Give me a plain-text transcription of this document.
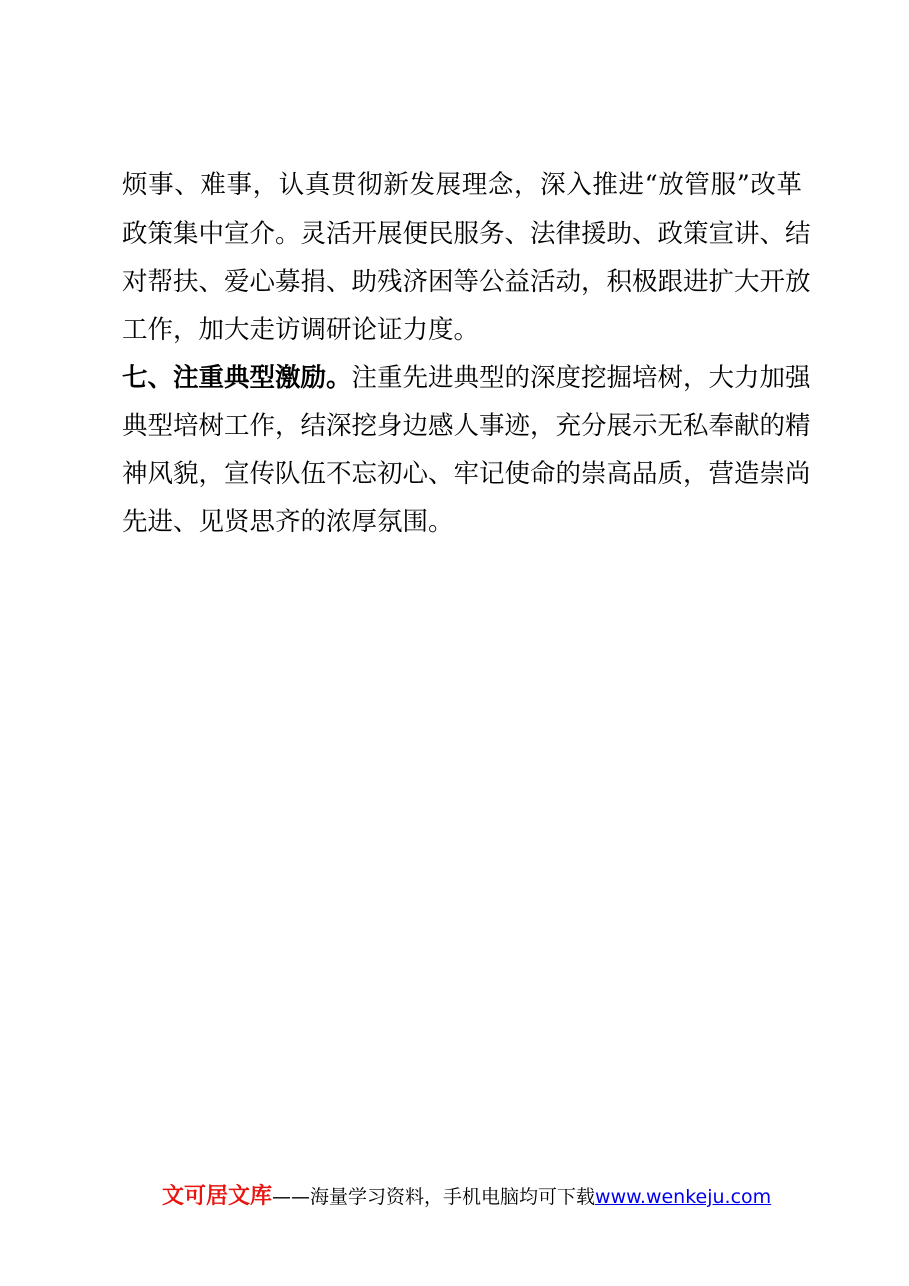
烦事、难事，认真贯彻新发展理念，深入推进“放管服”改革
政策集中宣介。灵活开展便民服务、法律援助、政策宣讲、结
对帮扶、爱心募捐、助残济困等公益活动，积极跟进扩大开放
工作，加大走访调研论证力度。
七、注重典型激励。注重先进典型的深度挖掘培树，大力加强
典型培树工作，结深挖身边感人事迹，充分展示无私奉献的精
神风貌，宣传队伍不忘初心、牢记使命的崇高品质，营造崇尚
先进、见贤思齐的浓厚氛围。
文可居文库——海量学习资料，手机电脑均可下载www.wenkeju.com
